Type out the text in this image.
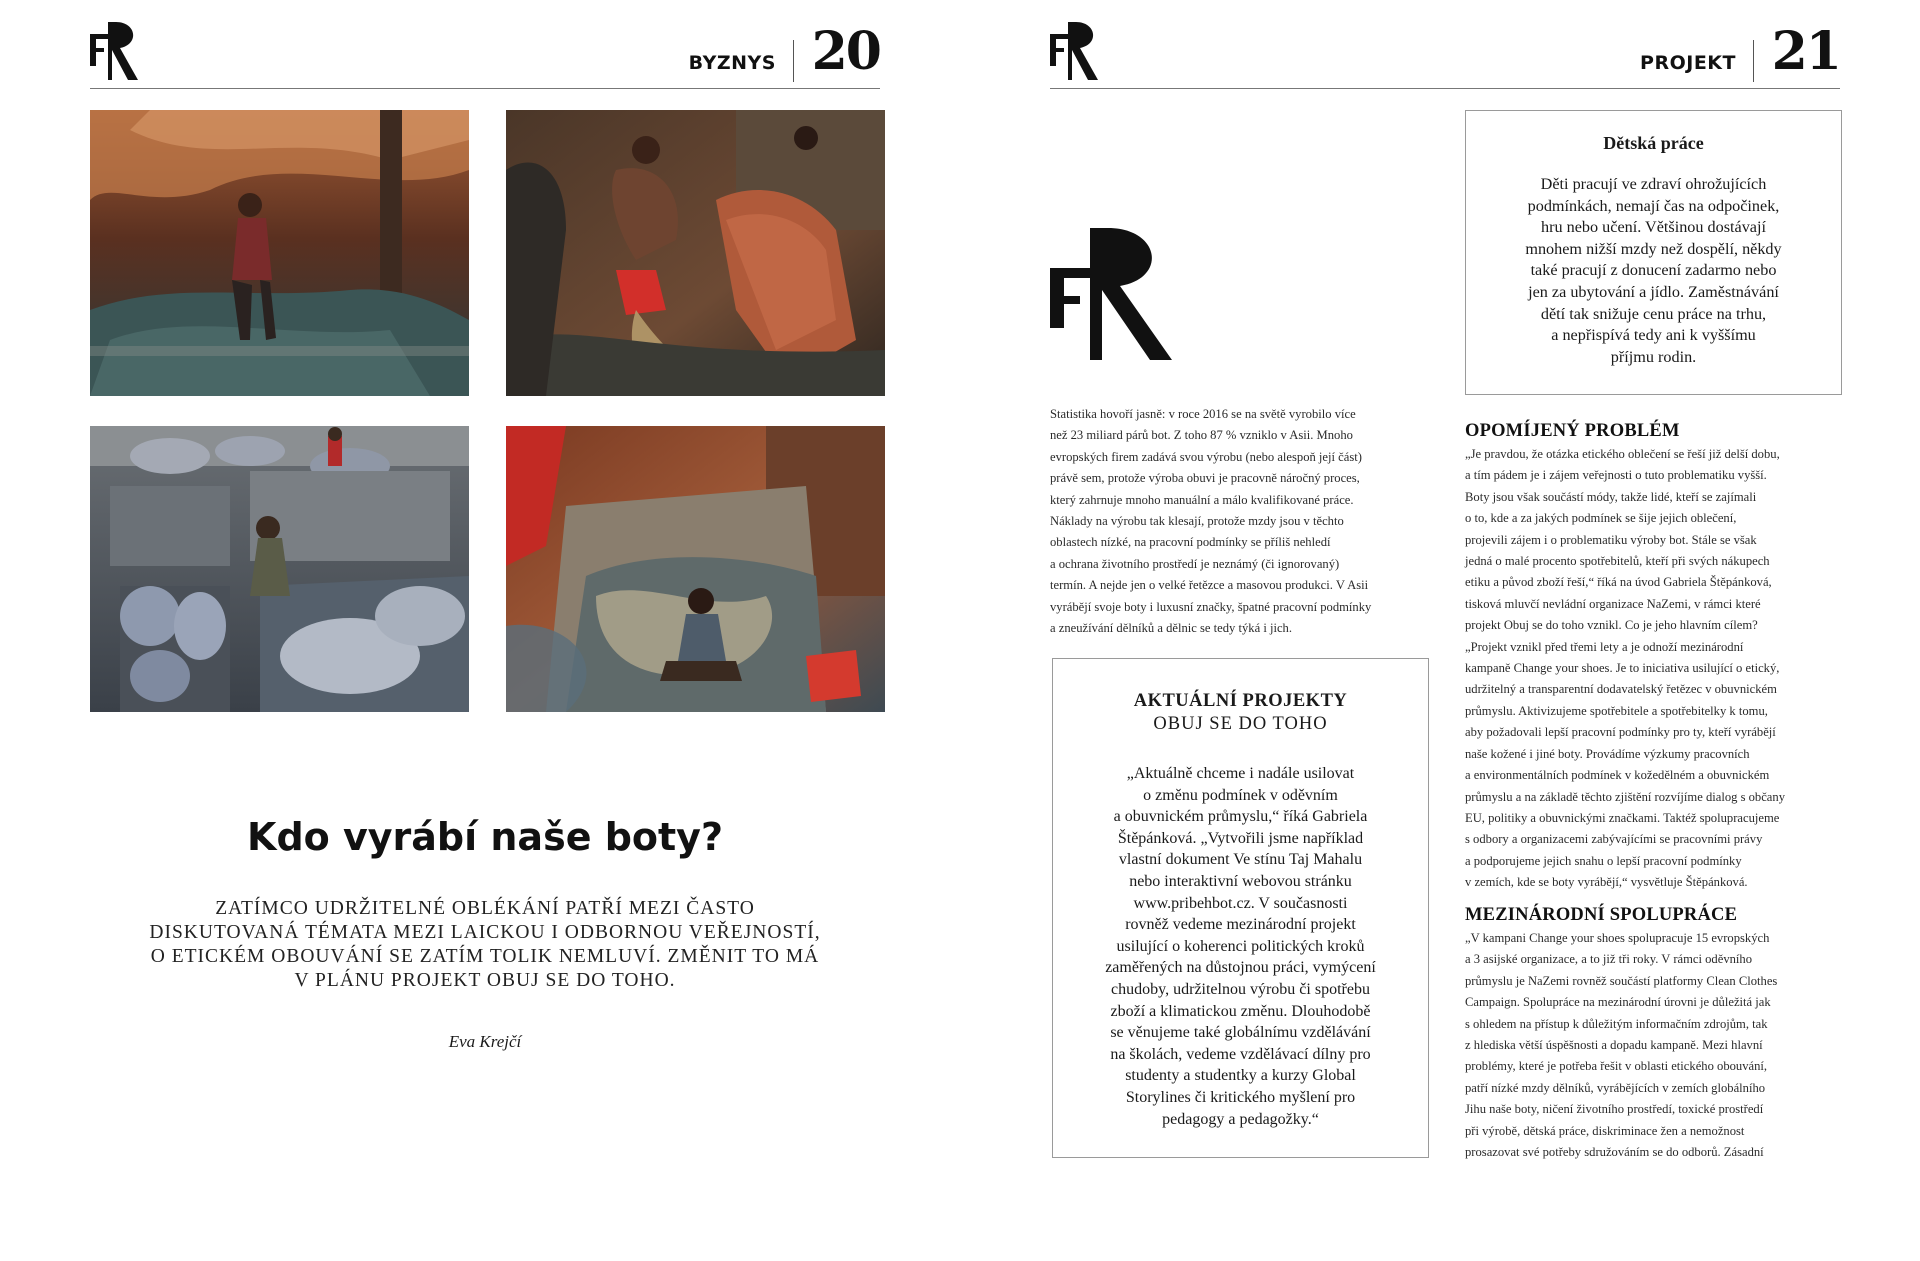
BYZNYS 20
Kdo vyrábí naše boty?
ZATÍMCO UDRŽITELNÉ OBLÉKÁNÍ PATŘÍ MEZI ČASTO
DISKUTOVANÁ TÉMATA MEZI LAICKOU I ODBORNOU VEŘEJNOSTÍ,
O ETICKÉM OBOUVÁNÍ SE ZATÍM TOLIK NEMLUVÍ. ZMĚNIT TO MÁ
V PLÁNU PROJEKT OBUJ SE DO TOHO.
Eva Krejčí
PROJEKT 21
Statistika hovoří jasně: v roce 2016 se na světě vyrobilo více
než 23 miliard párů bot. Z toho 87 % vzniklo v Asii. Mnoho
evropských firem zadává svou výrobu (nebo alespoň její část)
právě sem, protože výroba obuvi je pracovně náročný proces,
který zahrnuje mnoho manuální a málo kvalifikované práce.
Náklady na výrobu tak klesají, protože mzdy jsou v těchto
oblastech nízké, na pracovní podmínky se příliš nehledí
a ochrana životního prostředí je neznámý (či ignorovaný)
termín. A nejde jen o velké řetězce a masovou produkci. V Asii
vyrábějí svoje boty i luxusní značky, špatné pracovní podmínky
a zneužívání dělníků a dělnic se tedy týká i jich.
AKTUÁLNÍ PROJEKTY
OBUJ SE DO TOHO
„Aktuálně chceme i nadále usilovat
o změnu podmínek v oděvním
a obuvnickém průmyslu,“ říká Gabriela
Štěpánková. „Vytvořili jsme například
vlastní dokument Ve stínu Taj Mahalu
nebo interaktivní webovou stránku
www.pribehbot.cz. V současnosti
rovněž vedeme mezinárodní projekt
usilující o koherenci politických kroků
zaměřených na důstojnou práci, vymýcení
chudoby, udržitelnou výrobu či spotřebu
zboží a klimatickou změnu. Dlouhodobě
se věnujeme také globálnímu vzdělávání
na školách, vedeme vzdělávací dílny pro
studenty a studentky a kurzy Global
Storylines či kritického myšlení pro
pedagogy a pedagožky.“
Dětská práce
Děti pracují ve zdraví ohrožujících
podmínkách, nemají čas na odpočinek,
hru nebo učení. Většinou dostávají
mnohem nižší mzdy než dospělí, někdy
také pracují z donucení zadarmo nebo
jen za ubytování a jídlo. Zaměstnávání
dětí tak snižuje cenu práce na trhu,
a nepřispívá tedy ani k vyššímu
příjmu rodin.
OPOMÍJENÝ PROBLÉM
„Je pravdou, že otázka etického oblečení se řeší již delší dobu,
a tím pádem je i zájem veřejnosti o tuto problematiku vyšší.
Boty jsou však součástí módy, takže lidé, kteří se zajímali
o to, kde a za jakých podmínek se šije jejich oblečení,
projevili zájem i o problematiku výroby bot. Stále se však
jedná o malé procento spotřebitelů, kteří při svých nákupech
etiku a původ zboží řeší,“ říká na úvod Gabriela Štěpánková,
tisková mluvčí nevládní organizace NaZemi, v rámci které
projekt Obuj se do toho vznikl. Co je jeho hlavním cílem?
„Projekt vznikl před třemi lety a je odnoží mezinárodní
kampaně Change your shoes. Je to iniciativa usilující o etický,
udržitelný a transparentní dodavatelský řetězec v obuvnickém
průmyslu. Aktivizujeme spotřebitele a spotřebitelky k tomu,
aby požadovali lepší pracovní podmínky pro ty, kteří vyrábějí
naše kožené i jiné boty. Provádíme výzkumy pracovních
a environmentálních podmínek v kožedělném a obuvnickém
průmyslu a na základě těchto zjištění rozvíjíme dialog s občany
EU, politiky a obuvnickými značkami. Taktéž spolupracujeme
s odbory a organizacemi zabývajícími se pracovními právy
a podporujeme jejich snahu o lepší pracovní podmínky
v zemích, kde se boty vyrábějí,“ vysvětluje Štěpánková.
MEZINÁRODNÍ SPOLUPRÁCE
„V kampani Change your shoes spolupracuje 15 evropských
a 3 asijské organizace, a to již tři roky. V rámci oděvního
průmyslu je NaZemi rovněž součástí platformy Clean Clothes
Campaign. Spolupráce na mezinárodní úrovni je důležitá jak
s ohledem na přístup k důležitým informačním zdrojům, tak
z hlediska větší úspěšnosti a dopadu kampaně. Mezi hlavní
problémy, které je potřeba řešit v oblasti etického obouvání,
patří nízké mzdy dělníků, vyrábějících v zemích globálního
Jihu naše boty, ničení životního prostředí, toxické prostředí
při výrobě, dětská práce, diskriminace žen a nemožnost
prosazovat své potřeby sdružováním se do odborů. Zásadní
